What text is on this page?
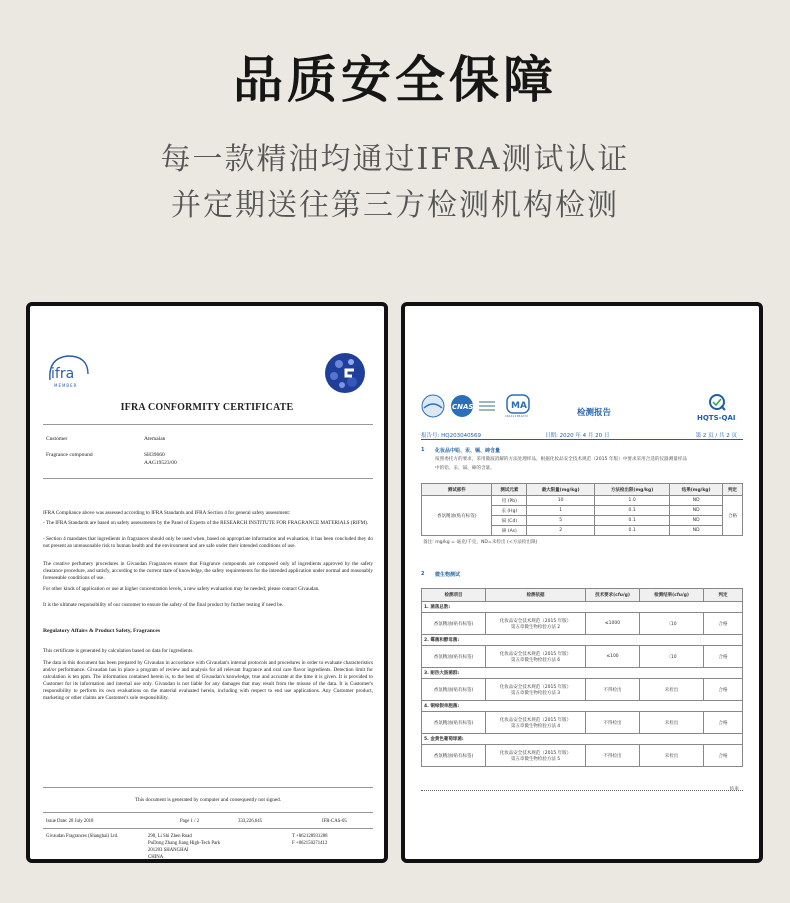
品质安全保障
每一款精油均通过IFRA测试认证
并定期送往第三方检测机构检测
ifra
MEMBER
IFRA CONFORMITY CERTIFICATE
Customer	Atemalan
Fragrance compound	SH39660
AAG19523/00
IFRA Compliance above was assessed according to IFRA Standards and IFRA Section 4 for general safety assessment:
- The IFRA Standards are based on safety assessments by the Panel of Experts of the RESEARCH INSTITUTE FOR FRAGRANCE MATERIALS (RIFM).
- Section 4 mandates that ingredients in fragrances should only be used when, based on appropriate information and evaluation, it has been concluded they do not present an unreasonable risk to human health and the environment and are safe under their intended conditions of use.
The creative perfumery procedures in Givaudan Fragrances ensure that Fragrance compounds are composed only of ingredients approved by the safety clearance procedure, and satisfy, according to the current state of knowledge, the safety requirements for the intended application under normal and reasonably foreseeable conditions of use.
For other kinds of application or use at higher concentration levels, a new safety evaluation may be needed; please contact Givaudan.
It is the ultimate responsibility of our customer to ensure the safety of the final product by further testing if need be.
Regulatory Affairs & Product Safety, Fragrances
This certificate is generated by calculation based on data for ingredients.
The data in this document has been prepared by Givaudan in accordance with Givaudan's internal protocols and procedures in order to evaluate characteristics and/or performance. Givaudan has in place a program of review and analysis for all relevant fragrance and oral care flavor ingredients. Detection limit for calculation is ten ppm. The information contained herein is, to the best of Givaudan's knowledge, true and accurate at the time it is given. It is provided to Customer for its information and internal use only. Givaudan is not liable for any damages that may result from the misuse of the data. It is Customer's responsibility to perform its own evaluations on the material evaluated herein, including with respect to end use applications. Any Customer product, marketing or other claims are Customer's sole responsibility.
This document is generated by computer and consequently not signed.
Issue Date: 28 July 2018	Page 1 / 2	333,226,645	IFR-CAS-05
Givaudan Fragrances (Shanghai) Ltd.	298, Li Shi Zhen Road
PuDong Zhang Jiang High-Tech Park
201203 SHANGHAI
CHINA
T +862128931288
F +862150271412
CNAS	MA
161111381272	检测报告	HQTS-QAI
报告号: HQ203040569	日期: 2020 年 4 月 20 日	第 2 页 / 共 2 页
1 化妆品中铅、汞、镉、砷含量
按照委托方的要求，采用微波消解的方法处理样品，根据化妆品安全技术规范（2015 年版）中要求采用合适的仪器测量样品
中的铅、汞、镉、砷的含量。
测试部件	测试元素	最大限量(mg/kg)	方法检出限(mg/kg)	结果(mg/kg)	判定
香氛精油(贴有标签)	铅 (Pb)	10	1.0	ND	合格
	汞 (Hg)	1	0.1	ND	
	镉 (Cd)	5	0.1	ND	
	砷 (As)	2	0.1	ND	
备注: mg/kg = 毫克/千克，ND=未检出 (<方法检出限)
2 微生物测试
检测项目	检测依据	技术要求(cfu/g)	检测结果(cfu/g)	判定
1. 菌落总数:				
香氛精油(贴有标签)	化妆品安全技术规范（2015 年版）
第五章微生物检验方法 2	≤1000	〈10	合格
2. 霉菌和酵母菌:				
香氛精油(贴有标签)	化妆品安全技术规范（2015 年版）
第五章微生物检验方法 6	≤100	〈10	合格
3. 耐热大肠菌群:				
香氛精油(贴有标签)	化妆品安全技术规范（2015 年版）
第五章微生物检验方法 3	不得检出	未检出	合格
4. 铜绿假单胞菌:				
香氛精油(贴有标签)	化妆品安全技术规范（2015 年版）
第五章微生物检验方法 4	不得检出	未检出	合格
5. 金黄色葡萄球菌:				
香氛精油(贴有标签)	化妆品安全技术规范（2015 年版）
第五章微生物检验方法 5	不得检出	未检出	合格
结束
